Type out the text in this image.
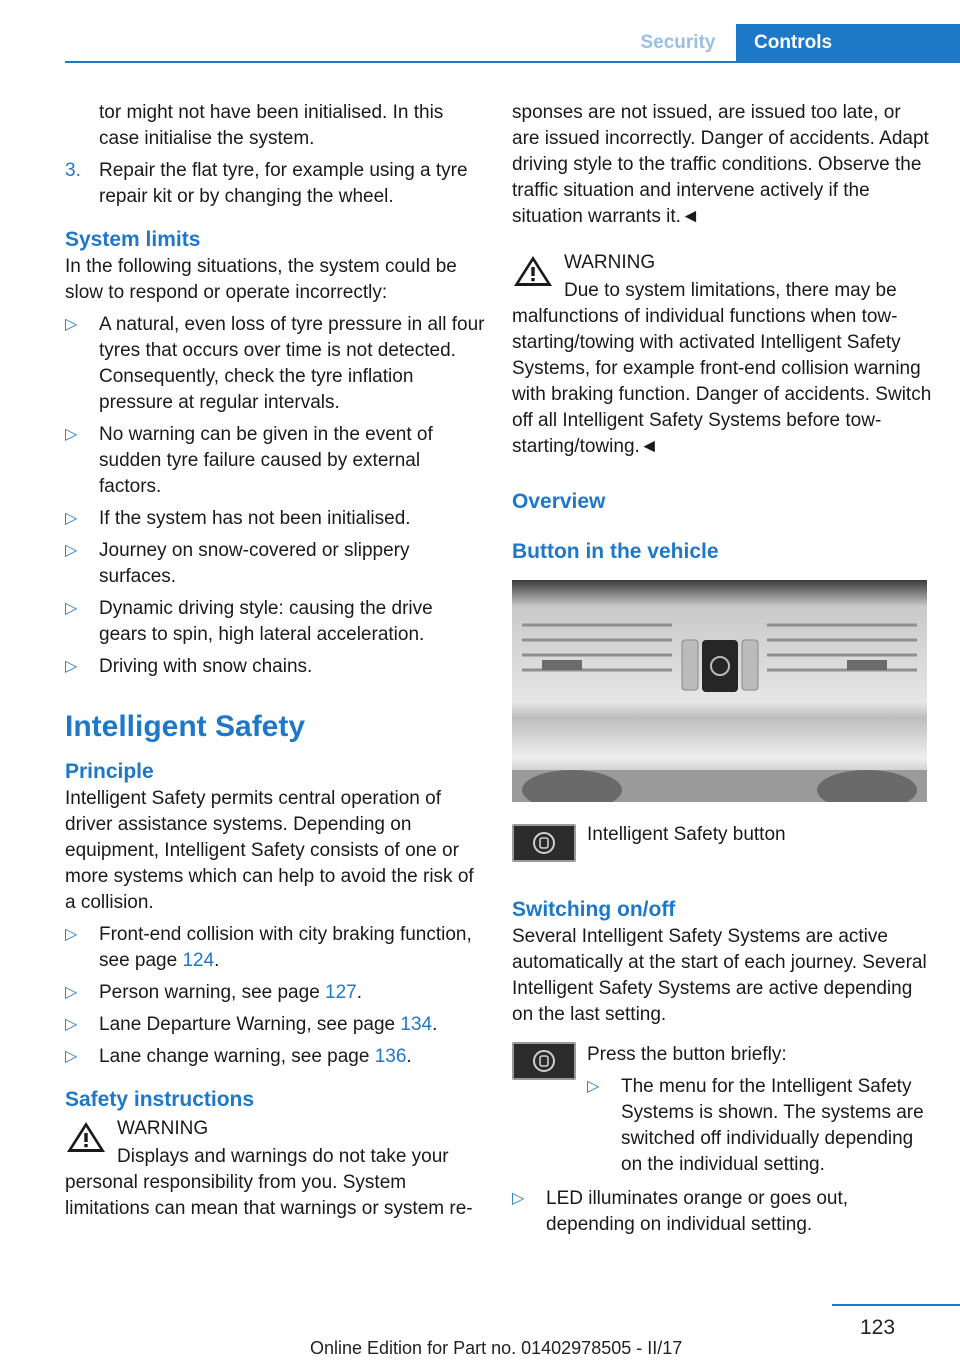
Security	Controls
tor might not have been initialised. In this case initialise the system.
3. Repair the flat tyre, for example using a tyre repair kit or by changing the wheel.
System limits
In the following situations, the system could be slow to respond or operate incorrectly:
▷	A natural, even loss of tyre pressure in all four tyres that occurs over time is not detected. Consequently, check the tyre inflation pressure at regular intervals.
▷	No warning can be given in the event of sudden tyre failure caused by external factors.
▷	If the system has not been initialised.
▷	Journey on snow-covered or slippery surfaces.
▷	Dynamic driving style: causing the drive gears to spin, high lateral acceleration.
▷	Driving with snow chains.
Intelligent Safety
Principle
Intelligent Safety permits central operation of driver assistance systems. Depending on equipment, Intelligent Safety consists of one or more systems which can help to avoid the risk of a collision.
▷	Front-end collision with city braking function, see page 124.
▷	Person warning, see page 127.
▷	Lane Departure Warning, see page 134.
▷	Lane change warning, see page 136.
Safety instructions
WARNING
Displays and warnings do not take your personal responsibility from you. System limitations can mean that warnings or system re-
sponses are not issued, are issued too late, or are issued incorrectly. Danger of accidents. Adapt driving style to the traffic conditions. Observe the traffic situation and intervene actively if the situation warrants it.◄
WARNING
Due to system limitations, there may be malfunctions of individual functions when tow-starting/towing with activated Intelligent Safety Systems, for example front-end collision warning with braking function. Danger of accidents. Switch off all Intelligent Safety Systems before tow-starting/towing.◄
Overview
Button in the vehicle
Intelligent Safety button
Switching on/off
Several Intelligent Safety Systems are active automatically at the start of each journey. Several Intelligent Safety Systems are active depending on the last setting.
Press the button briefly:
▷	The menu for the Intelligent Safety Systems is shown. The systems are switched off individually depending on the individual setting.
▷	LED illuminates orange or goes out, depending on individual setting.
123
Online Edition for Part no. 01402978505 - II/17
